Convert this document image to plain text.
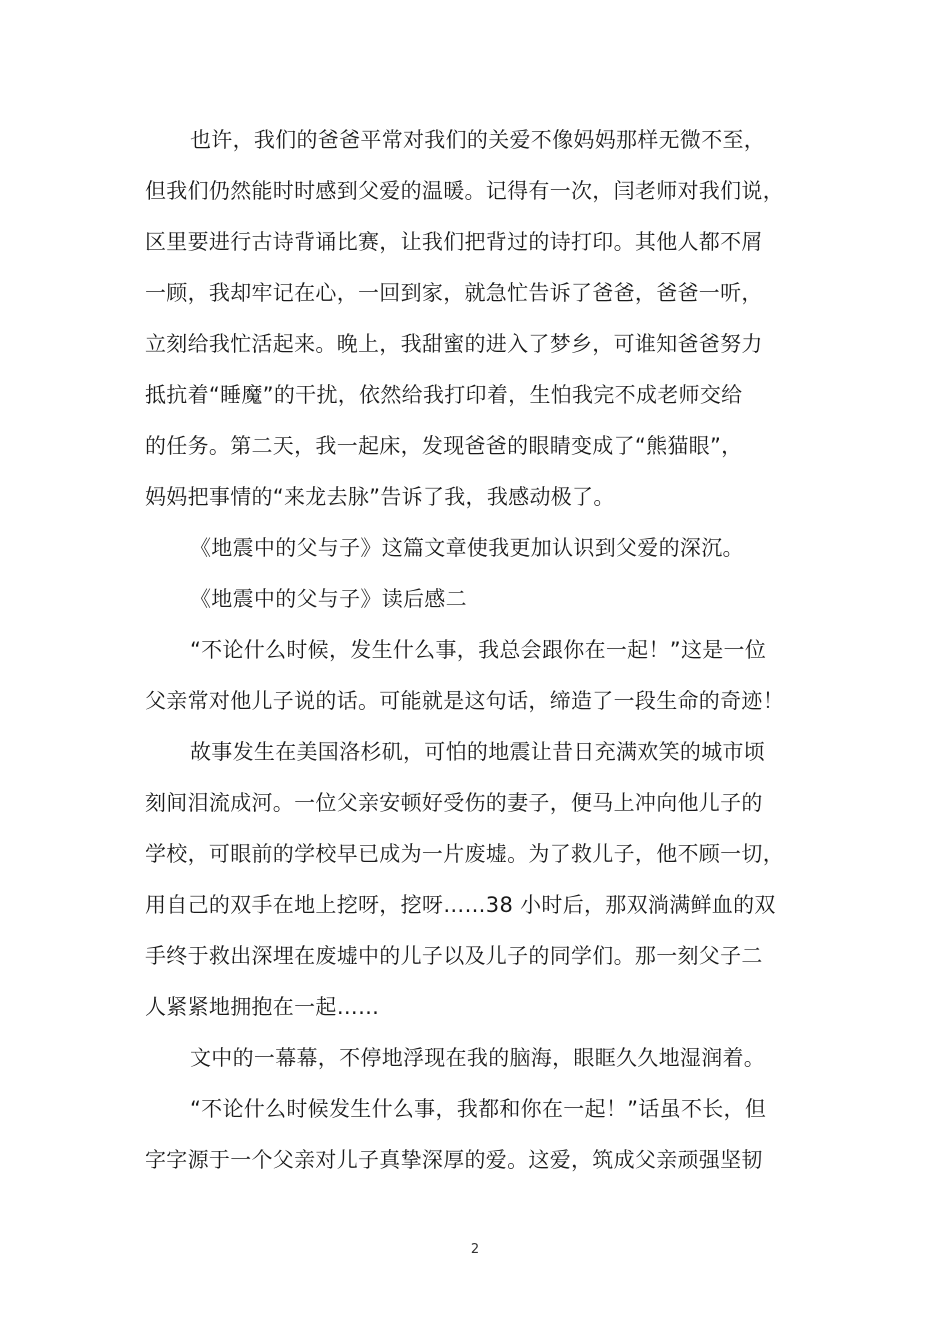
也许，我们的爸爸平常对我们的关爱不像妈妈那样无微不至，
但我们仍然能时时感到父爱的温暖。记得有一次，闫老师对我们说，
区里要进行古诗背诵比赛，让我们把背过的诗打印。其他人都不屑
一顾，我却牢记在心，一回到家，就急忙告诉了爸爸，爸爸一听，
立刻给我忙活起来。晚上，我甜蜜的进入了梦乡，可谁知爸爸努力
抵抗着“睡魔”的干扰，依然给我打印着，生怕我完不成老师交给
的任务。第二天，我一起床，发现爸爸的眼睛变成了“熊猫眼”，
妈妈把事情的“来龙去脉”告诉了我，我感动极了。
《地震中的父与子》这篇文章使我更加认识到父爱的深沉。
《地震中的父与子》读后感二
“不论什么时候，发生什么事，我总会跟你在一起！”这是一位
父亲常对他儿子说的话。可能就是这句话，缔造了一段生命的奇迹！
故事发生在美国洛杉矶，可怕的地震让昔日充满欢笑的城市顷
刻间泪流成河。一位父亲安顿好受伤的妻子，便马上冲向他儿子的
学校，可眼前的学校早已成为一片废墟。为了救儿子，他不顾一切，
用自己的双手在地上挖呀，挖呀……38 小时后，那双淌满鲜血的双
手终于救出深埋在废墟中的儿子以及儿子的同学们。那一刻父子二
人紧紧地拥抱在一起……
文中的一幕幕，不停地浮现在我的脑海，眼眶久久地湿润着。
“不论什么时候发生什么事，我都和你在一起！”话虽不长，但
字字源于一个父亲对儿子真挚深厚的爱。这爱，筑成父亲顽强坚韧
2
